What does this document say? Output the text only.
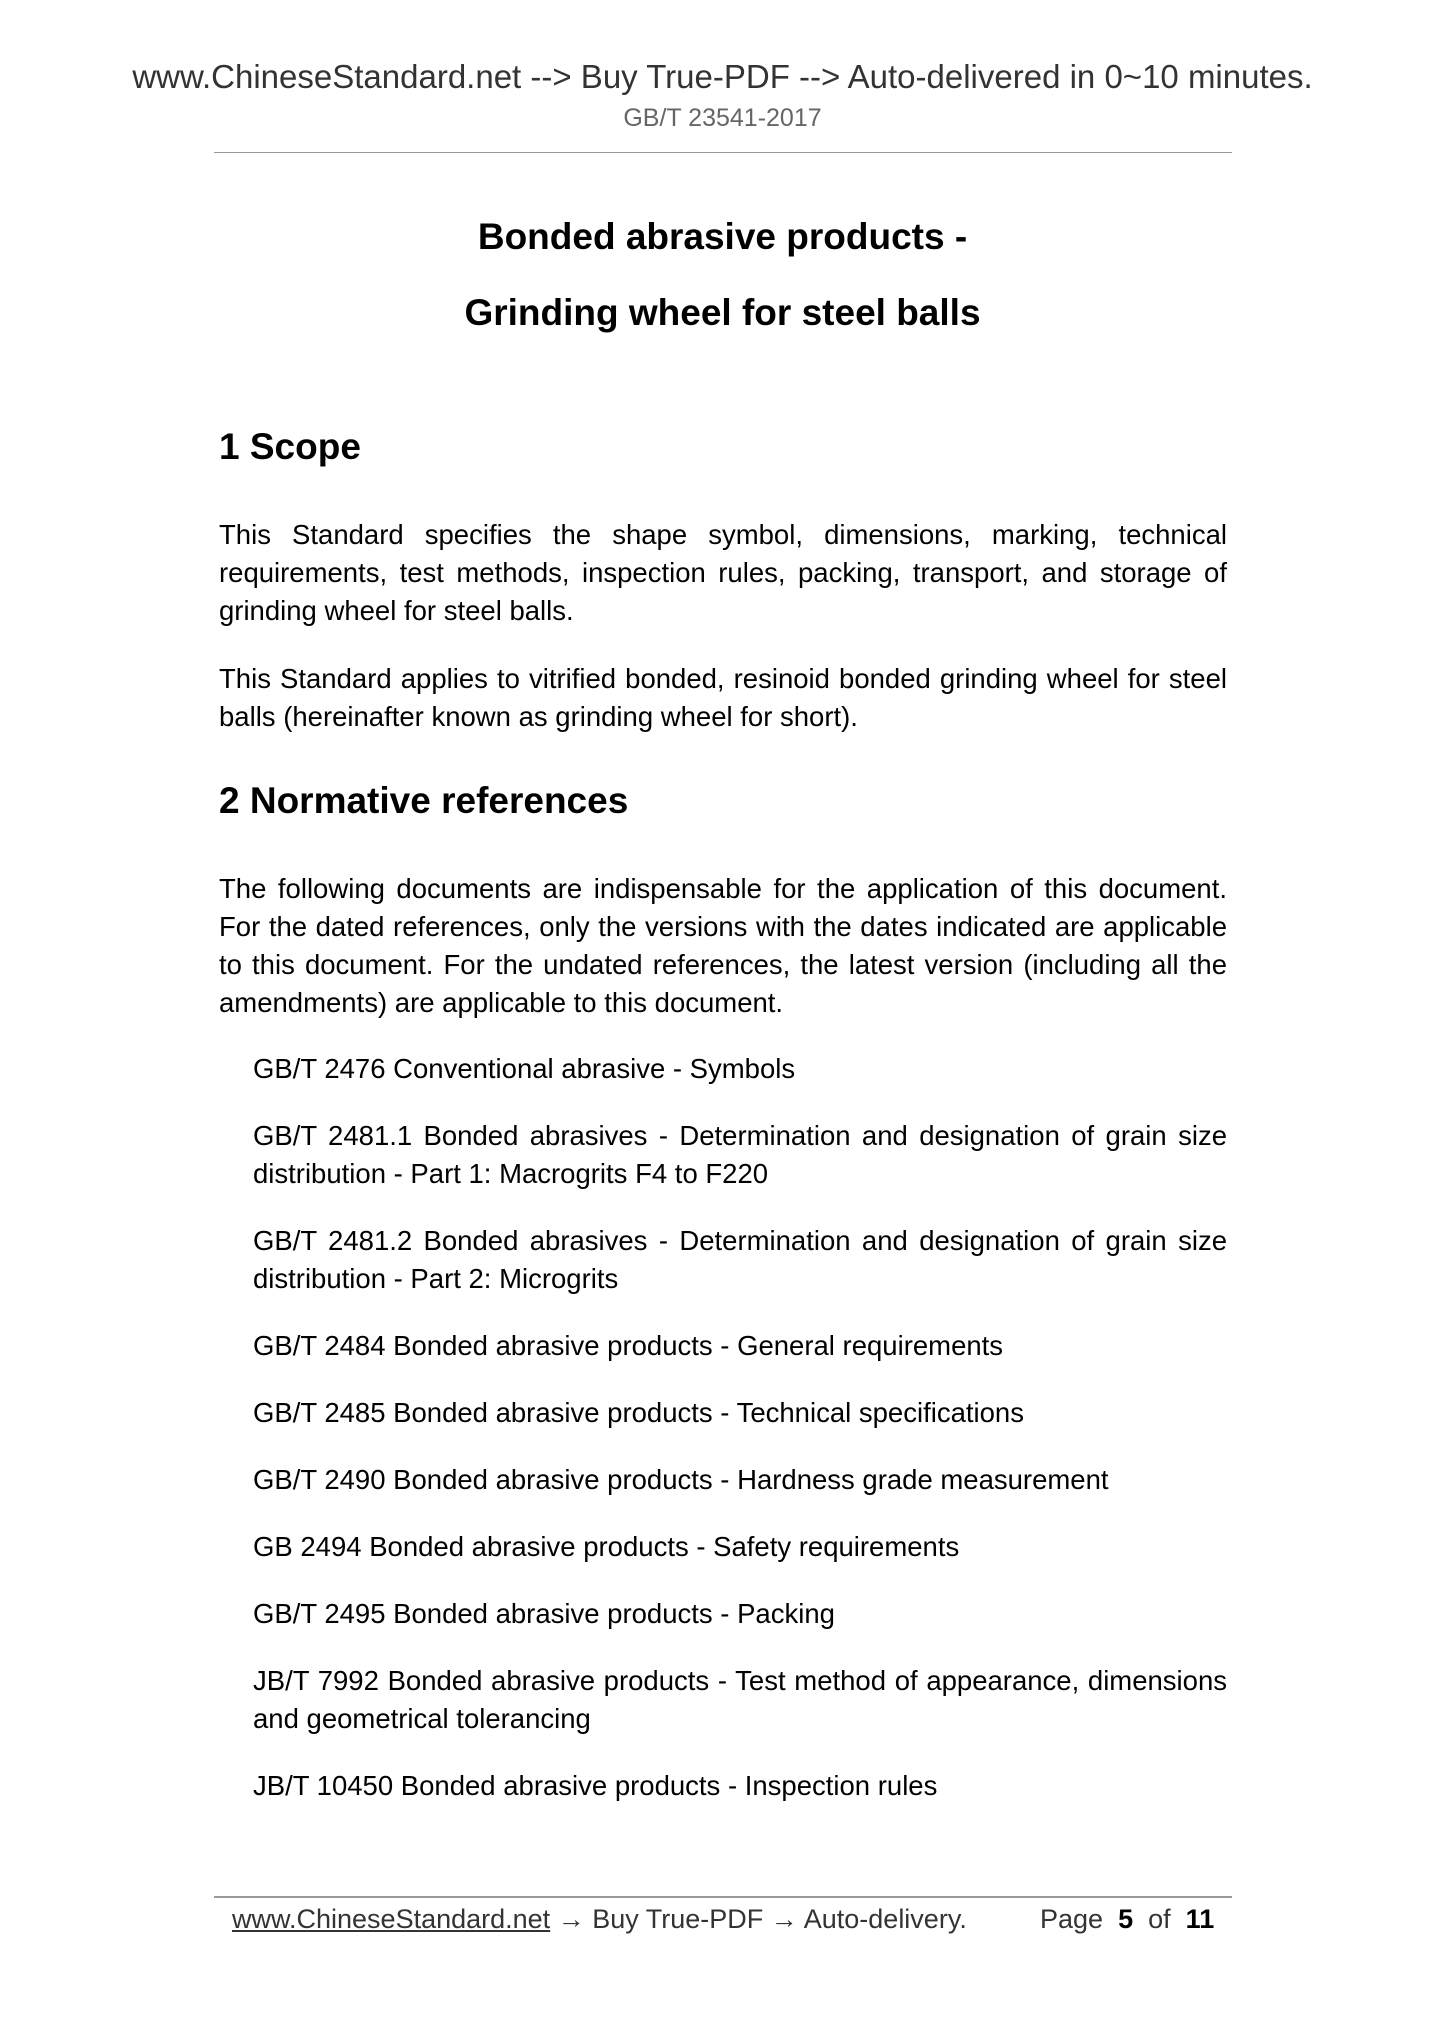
www.ChineseStandard.net --> Buy True-PDF --> Auto-delivered in 0~10 minutes.
GB/T 23541-2017
Bonded abrasive products -
Grinding wheel for steel balls
1 Scope
This Standard specifies the shape symbol, dimensions, marking, technical requirements, test methods, inspection rules, packing, transport, and storage of grinding wheel for steel balls.
This Standard applies to vitrified bonded, resinoid bonded grinding wheel for steel balls (hereinafter known as grinding wheel for short).
2 Normative references
The following documents are indispensable for the application of this document. For the dated references, only the versions with the dates indicated are applicable to this document. For the undated references, the latest version (including all the amendments) are applicable to this document.
GB/T 2476 Conventional abrasive - Symbols
GB/T 2481.1 Bonded abrasives - Determination and designation of grain size distribution - Part 1: Macrogrits F4 to F220
GB/T 2481.2 Bonded abrasives - Determination and designation of grain size distribution - Part 2: Microgrits
GB/T 2484 Bonded abrasive products - General requirements
GB/T 2485 Bonded abrasive products - Technical specifications
GB/T 2490 Bonded abrasive products - Hardness grade measurement
GB 2494 Bonded abrasive products - Safety requirements
GB/T 2495 Bonded abrasive products - Packing
JB/T 7992 Bonded abrasive products - Test method of appearance, dimensions and geometrical tolerancing
JB/T 10450 Bonded abrasive products - Inspection rules
www.ChineseStandard.net → Buy True-PDF → Auto-delivery.	Page 5 of 11
